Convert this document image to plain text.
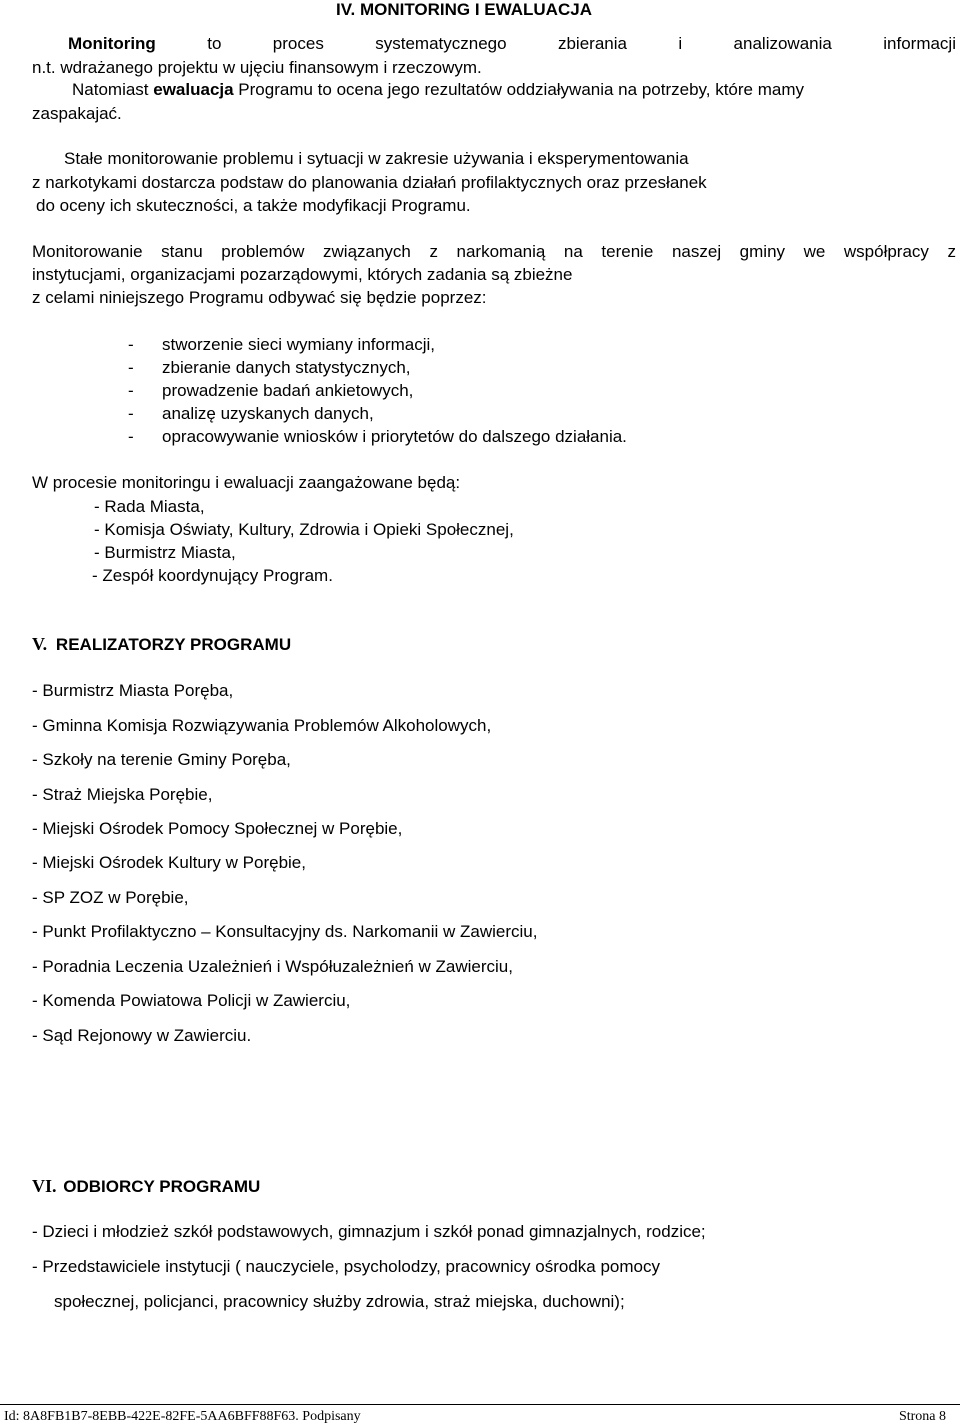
IV. MONITORING I EWALUACJA
Monitoring	to proces systematycznego zbierania i analizowania informacji
n.t. wdrażanego projektu w ujęciu finansowym i rzeczowym.
Natomiast ewaluacja Programu to ocena jego rezultatów oddziaływania na potrzeby, które mamy
zaspakajać.
Stałe monitorowanie problemu i sytuacji w zakresie używania i eksperymentowania
z narkotykami dostarcza podstaw do planowania działań profilaktycznych oraz przesłanek
do oceny ich skuteczności, a także modyfikacji Programu.
Monitorowanie stanu problemów związanych z narkomanią na terenie naszej gminy we współpracy z
instytucjami, organizacjami pozarządowymi, których zadania są zbieżne
z celami niniejszego Programu odbywać się będzie poprzez:
- stworzenie sieci wymiany informacji,
- zbieranie danych statystycznych,
- prowadzenie badań ankietowych,
- analizę uzyskanych danych,
- opracowywanie wniosków i priorytetów do dalszego działania.
W procesie monitoringu i ewaluacji zaangażowane będą:
- Rada Miasta,
- Komisja Oświaty, Kultury, Zdrowia i Opieki Społecznej,
- Burmistrz Miasta,
- Zespół koordynujący Program.
V. REALIZATORZY PROGRAMU
- Burmistrz Miasta Poręba,
- Gminna Komisja Rozwiązywania Problemów Alkoholowych,
- Szkoły na terenie Gminy Poręba,
- Straż Miejska Porębie,
- Miejski Ośrodek Pomocy Społecznej w Porębie,
- Miejski Ośrodek Kultury w Porębie,
- SP ZOZ w Porębie,
- Punkt Profilaktyczno – Konsultacyjny ds. Narkomanii w Zawierciu,
- Poradnia Leczenia Uzależnień i Współuzależnień w Zawierciu,
- Komenda Powiatowa Policji w Zawierciu,
- Sąd Rejonowy w Zawierciu.
VI. ODBIORCY PROGRAMU
- Dzieci i młodzież szkół podstawowych, gimnazjum i szkół ponad gimnazjalnych, rodzice;
- Przedstawiciele instytucji ( nauczyciele, psycholodzy, pracownicy ośrodka pomocy
społecznej, policjanci, pracownicy służby zdrowia, straż miejska, duchowni);
Id: 8A8FB1B7-8EBB-422E-82FE-5AA6BFF88F63. Podpisany	Strona 8
